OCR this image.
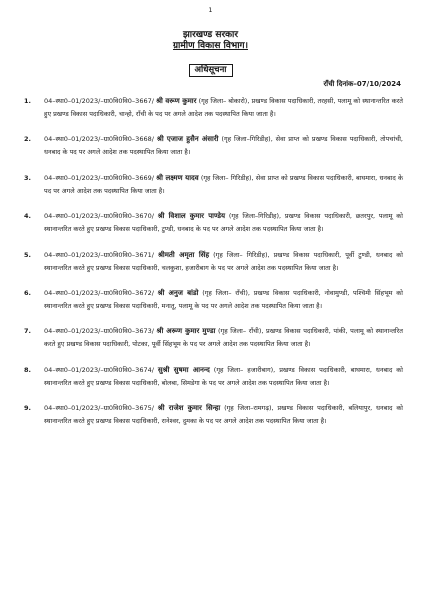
1
झारखण्ड सरकार
ग्रामीण विकास विभाग।
अधिसूचना
राँची दिनांक–07/10/2024
1. 04–स्था0–01/2023/–ग्रा0वि0वि0–3667/ श्री वरूण कुमार (गृह जिला– बोकारो), प्रखण्ड विकास पदाधिकारी, तरहसी, पलामू को स्थानान्तरित करते हुए प्रखण्ड विकास पदाधिकारी, चान्हो, राँची के पद पर अगले आदेश तक पदस्थापित किया जाता है।
2. 04–स्था0–01/2023/–ग्रा0वि0वि0–3668/ श्री एजाज हुसैन अंसारी (गृह जिला–गिरिडीह), सेवा प्राप्त को प्रखण्ड विकास पदाधिकारी, तोपचांची, धनबाद के पद पर अगले आदेश तक पदस्थापित किया जाता है।
3. 04–स्था0–01/2023/–ग्रा0वि0वि0–3669/ श्री लक्ष्मण यादव (गृह जिला– गिरिडीह), सेवा प्राप्त को प्रखण्ड विकास पदाधिकारी, बाघमारा, धनबाद के पद पर अगले आदेश तक पदस्थापित किया जाता है।
4. 04–स्था0–01/2023/–ग्रा0वि0वि0–3670/ श्री विशाल कुमार पाण्डेय (गृह जिला–गिरिडीह), प्रखण्ड विकास पदाधिकारी, छतरपुर, पलामू को स्थानान्तरित करते हुए प्रखण्ड विकास पदाधिकारी, टुण्डी, धनबाद के पद पर अगले आदेश तक पदस्थापित किया जाता है।
5. 04–स्था0–01/2023/–ग्रा0वि0वि0–3671/ श्रीमती अमृता सिंह (गृह जिला– गिरिडीह), प्रखण्ड विकास पदाधिकारी, पूर्वी टुण्डी, धनबाद को स्थानान्तरित करते हुए प्रखण्ड विकास पदाधिकारी, चलकुशा, हजारीबाग के पद पर अगले आदेश तक पदस्थापित किया जाता है।
6. 04–स्था0–01/2023/–ग्रा0वि0वि0–3672/ श्री अनुज बांडो (गृह जिला– राँची), प्रखण्ड विकास पदाधिकारी, नोवामुण्डी, पश्चिमी सिंहभूम को स्थानान्तरित करते हुए प्रखण्ड विकास पदाधिकारी, मनातू, पलामू के पद पर अगले आदेश तक पदस्थापित किया जाता है।
7. 04–स्था0–01/2023/–ग्रा0वि0वि0–3673/ श्री अरूण कुमार मुण्डा (गृह जिला– राँची), प्रखण्ड विकास पदाधिकारी, पांकी, पलामू को स्थानान्तरित करते हुए प्रखण्ड विकास पदाधिकारी, पोटका, पूर्वी सिंहभूम के पद पर अगले आदेश तक पदस्थापित किया जाता है।
8. 04–स्था0–01/2023/–ग्रा0वि0वि0–3674/ सुश्री सुषमा आनन्द (गृह जिला– हजारीबाग), प्रखण्ड विकास पदाधिकारी, बाघमारा, धनबाद को स्थानान्तरित करते हुए प्रखण्ड विकास पदाधिकारी, बोलबा, सिमडेगा के पद पर अगले आदेश तक पदस्थापित किया जाता है।
9. 04–स्था0–01/2023/–ग्रा0वि0वि0–3675/ श्री राजेश कुमार सिन्हा (गृह जिला–रामगढ़), प्रखण्ड विकास पदाधिकारी, बलियापुर, धनबाद को स्थानान्तरित करते हुए प्रखण्ड विकास पदाधिकारी, रानेश्वर, दुमका के पद पर अगले आदेश तक पदस्थापित किया जाता है।
